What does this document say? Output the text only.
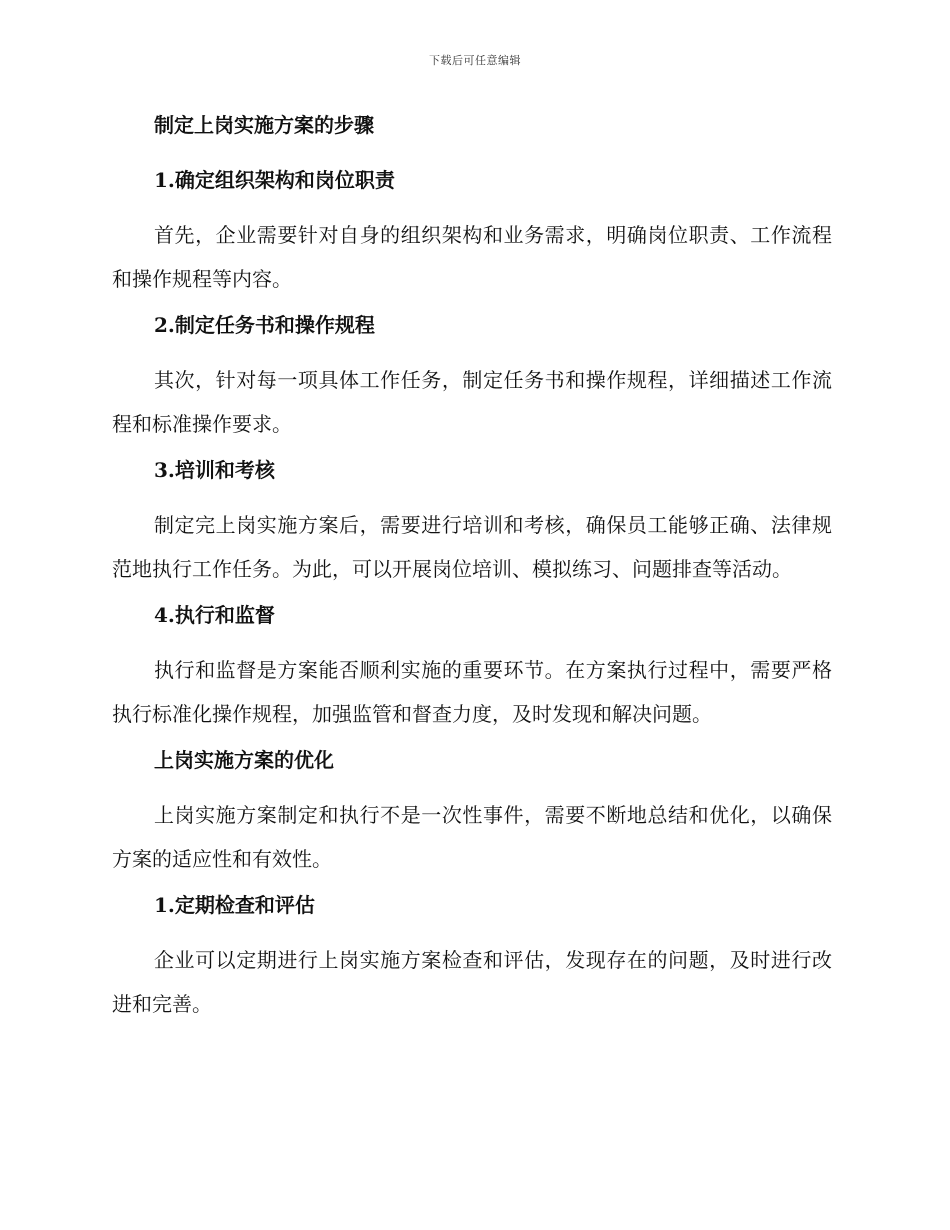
下载后可任意编辑
制定上岗实施方案的步骤
1.确定组织架构和岗位职责

首先，企业需要针对自身的组织架构和业务需求，明确岗位职责、工作流程和操作规程等内容。

2.制定任务书和操作规程

其次，针对每一项具体工作任务，制定任务书和操作规程，详细描述工作流程和标准操作要求。

3.培训和考核

制定完上岗实施方案后，需要进行培训和考核，确保员工能够正确、法律规范地执行工作任务。为此，可以开展岗位培训、模拟练习、问题排查等活动。

4.执行和监督

执行和监督是方案能否顺利实施的重要环节。在方案执行过程中，需要严格执行标准化操作规程，加强监管和督查力度，及时发现和解决问题。

上岗实施方案的优化

上岗实施方案制定和执行不是一次性事件，需要不断地总结和优化，以确保方案的适应性和有效性。

1.定期检查和评估

企业可以定期进行上岗实施方案检查和评估，发现存在的问题，及时进行改进和完善。
